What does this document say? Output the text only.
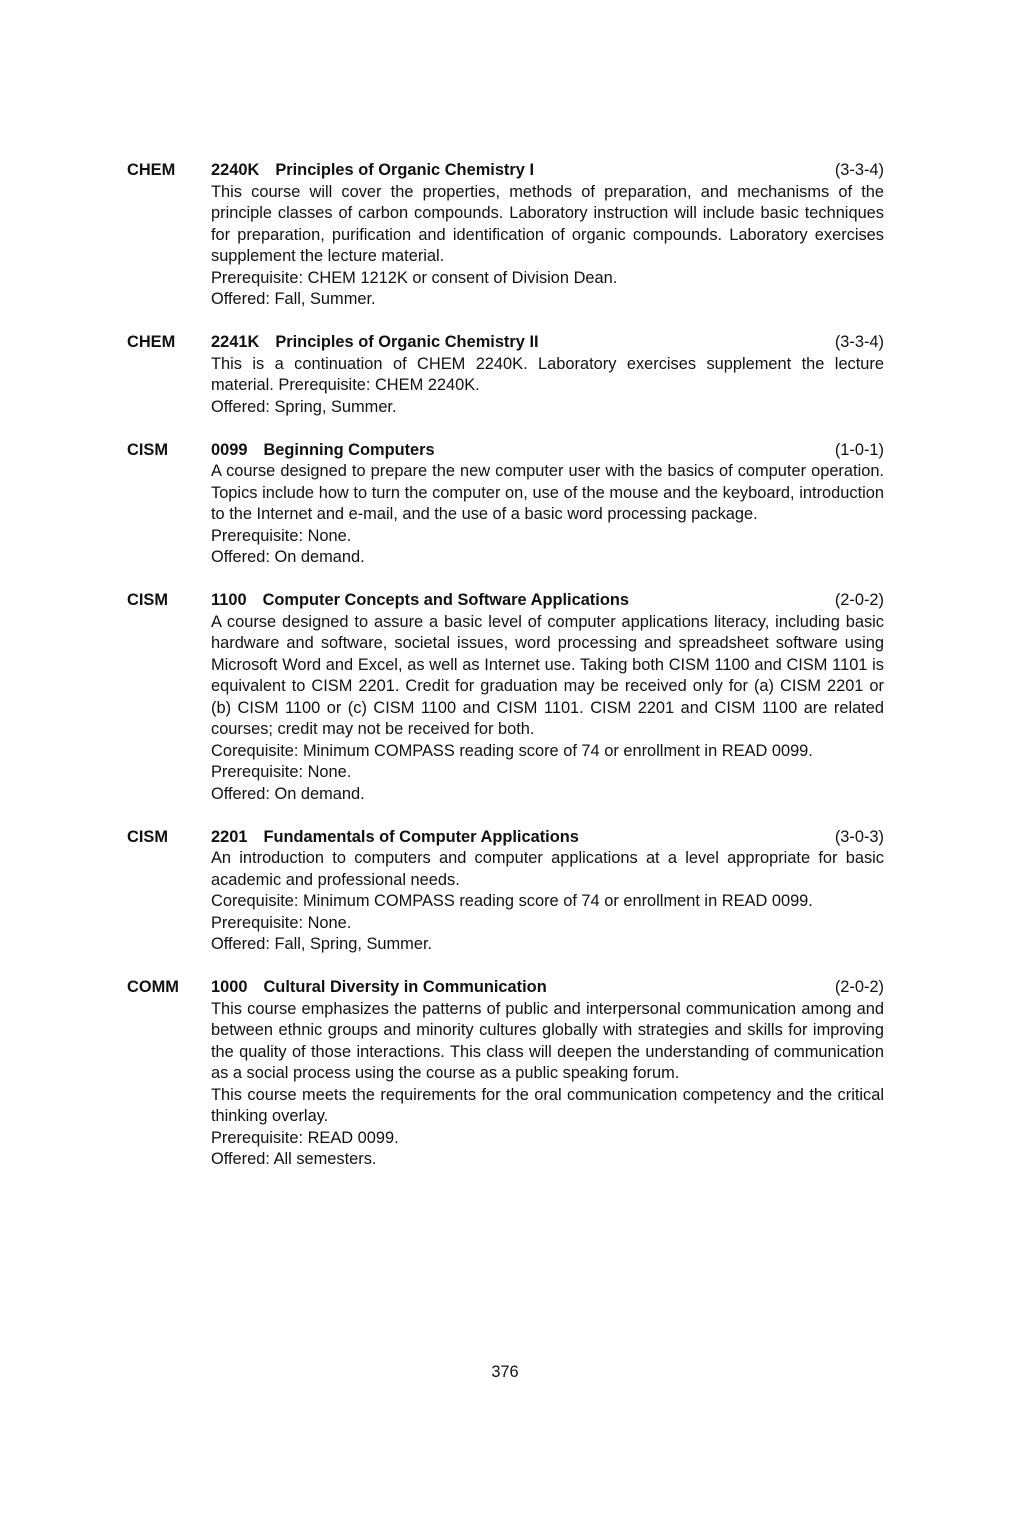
CHEM 2240K Principles of Organic Chemistry I	(3-3-4)
This course will cover the properties, methods of preparation, and mechanisms of the principle classes of carbon compounds. Laboratory instruction will include basic techniques for preparation, purification and identification of organic compounds. Laboratory exercises supplement the lecture material.
Prerequisite: CHEM 1212K or consent of Division Dean.
Offered: Fall, Summer.
CHEM 2241K Principles of Organic Chemistry II	(3-3-4)
This is a continuation of CHEM 2240K. Laboratory exercises supplement the lecture material. Prerequisite: CHEM 2240K.
Offered: Spring, Summer.
CISM	0099 Beginning Computers	(1-0-1)
A course designed to prepare the new computer user with the basics of computer operation. Topics include how to turn the computer on, use of the mouse and the keyboard, introduction to the Internet and e-mail, and the use of a basic word processing package.
Prerequisite: None.
Offered: On demand.
CISM	1100 Computer Concepts and Software Applications	(2-0-2)
A course designed to assure a basic level of computer applications literacy, including basic hardware and software, societal issues, word processing and spreadsheet software using Microsoft Word and Excel, as well as Internet use. Taking both CISM 1100 and CISM 1101 is equivalent to CISM 2201. Credit for graduation may be received only for (a) CISM 2201 or (b) CISM 1100 or (c) CISM 1100 and CISM 1101. CISM 2201 and CISM 1100 are related courses; credit may not be received for both.
Corequisite: Minimum COMPASS reading score of 74 or enrollment in READ 0099.
Prerequisite: None.
Offered: On demand.
CISM	2201 Fundamentals of Computer Applications	(3-0-3)
An introduction to computers and computer applications at a level appropriate for basic academic and professional needs.
Corequisite: Minimum COMPASS reading score of 74 or enrollment in READ 0099.
Prerequisite: None.
Offered: Fall, Spring, Summer.
COMM 1000 Cultural Diversity in Communication	(2-0-2)
This course emphasizes the patterns of public and interpersonal communication among and between ethnic groups and minority cultures globally with strategies and skills for improving the quality of those interactions. This class will deepen the understanding of communication as a social process using the course as a public speaking forum.
This course meets the requirements for the oral communication competency and the critical thinking overlay.
Prerequisite: READ 0099.
Offered: All semesters.
376
